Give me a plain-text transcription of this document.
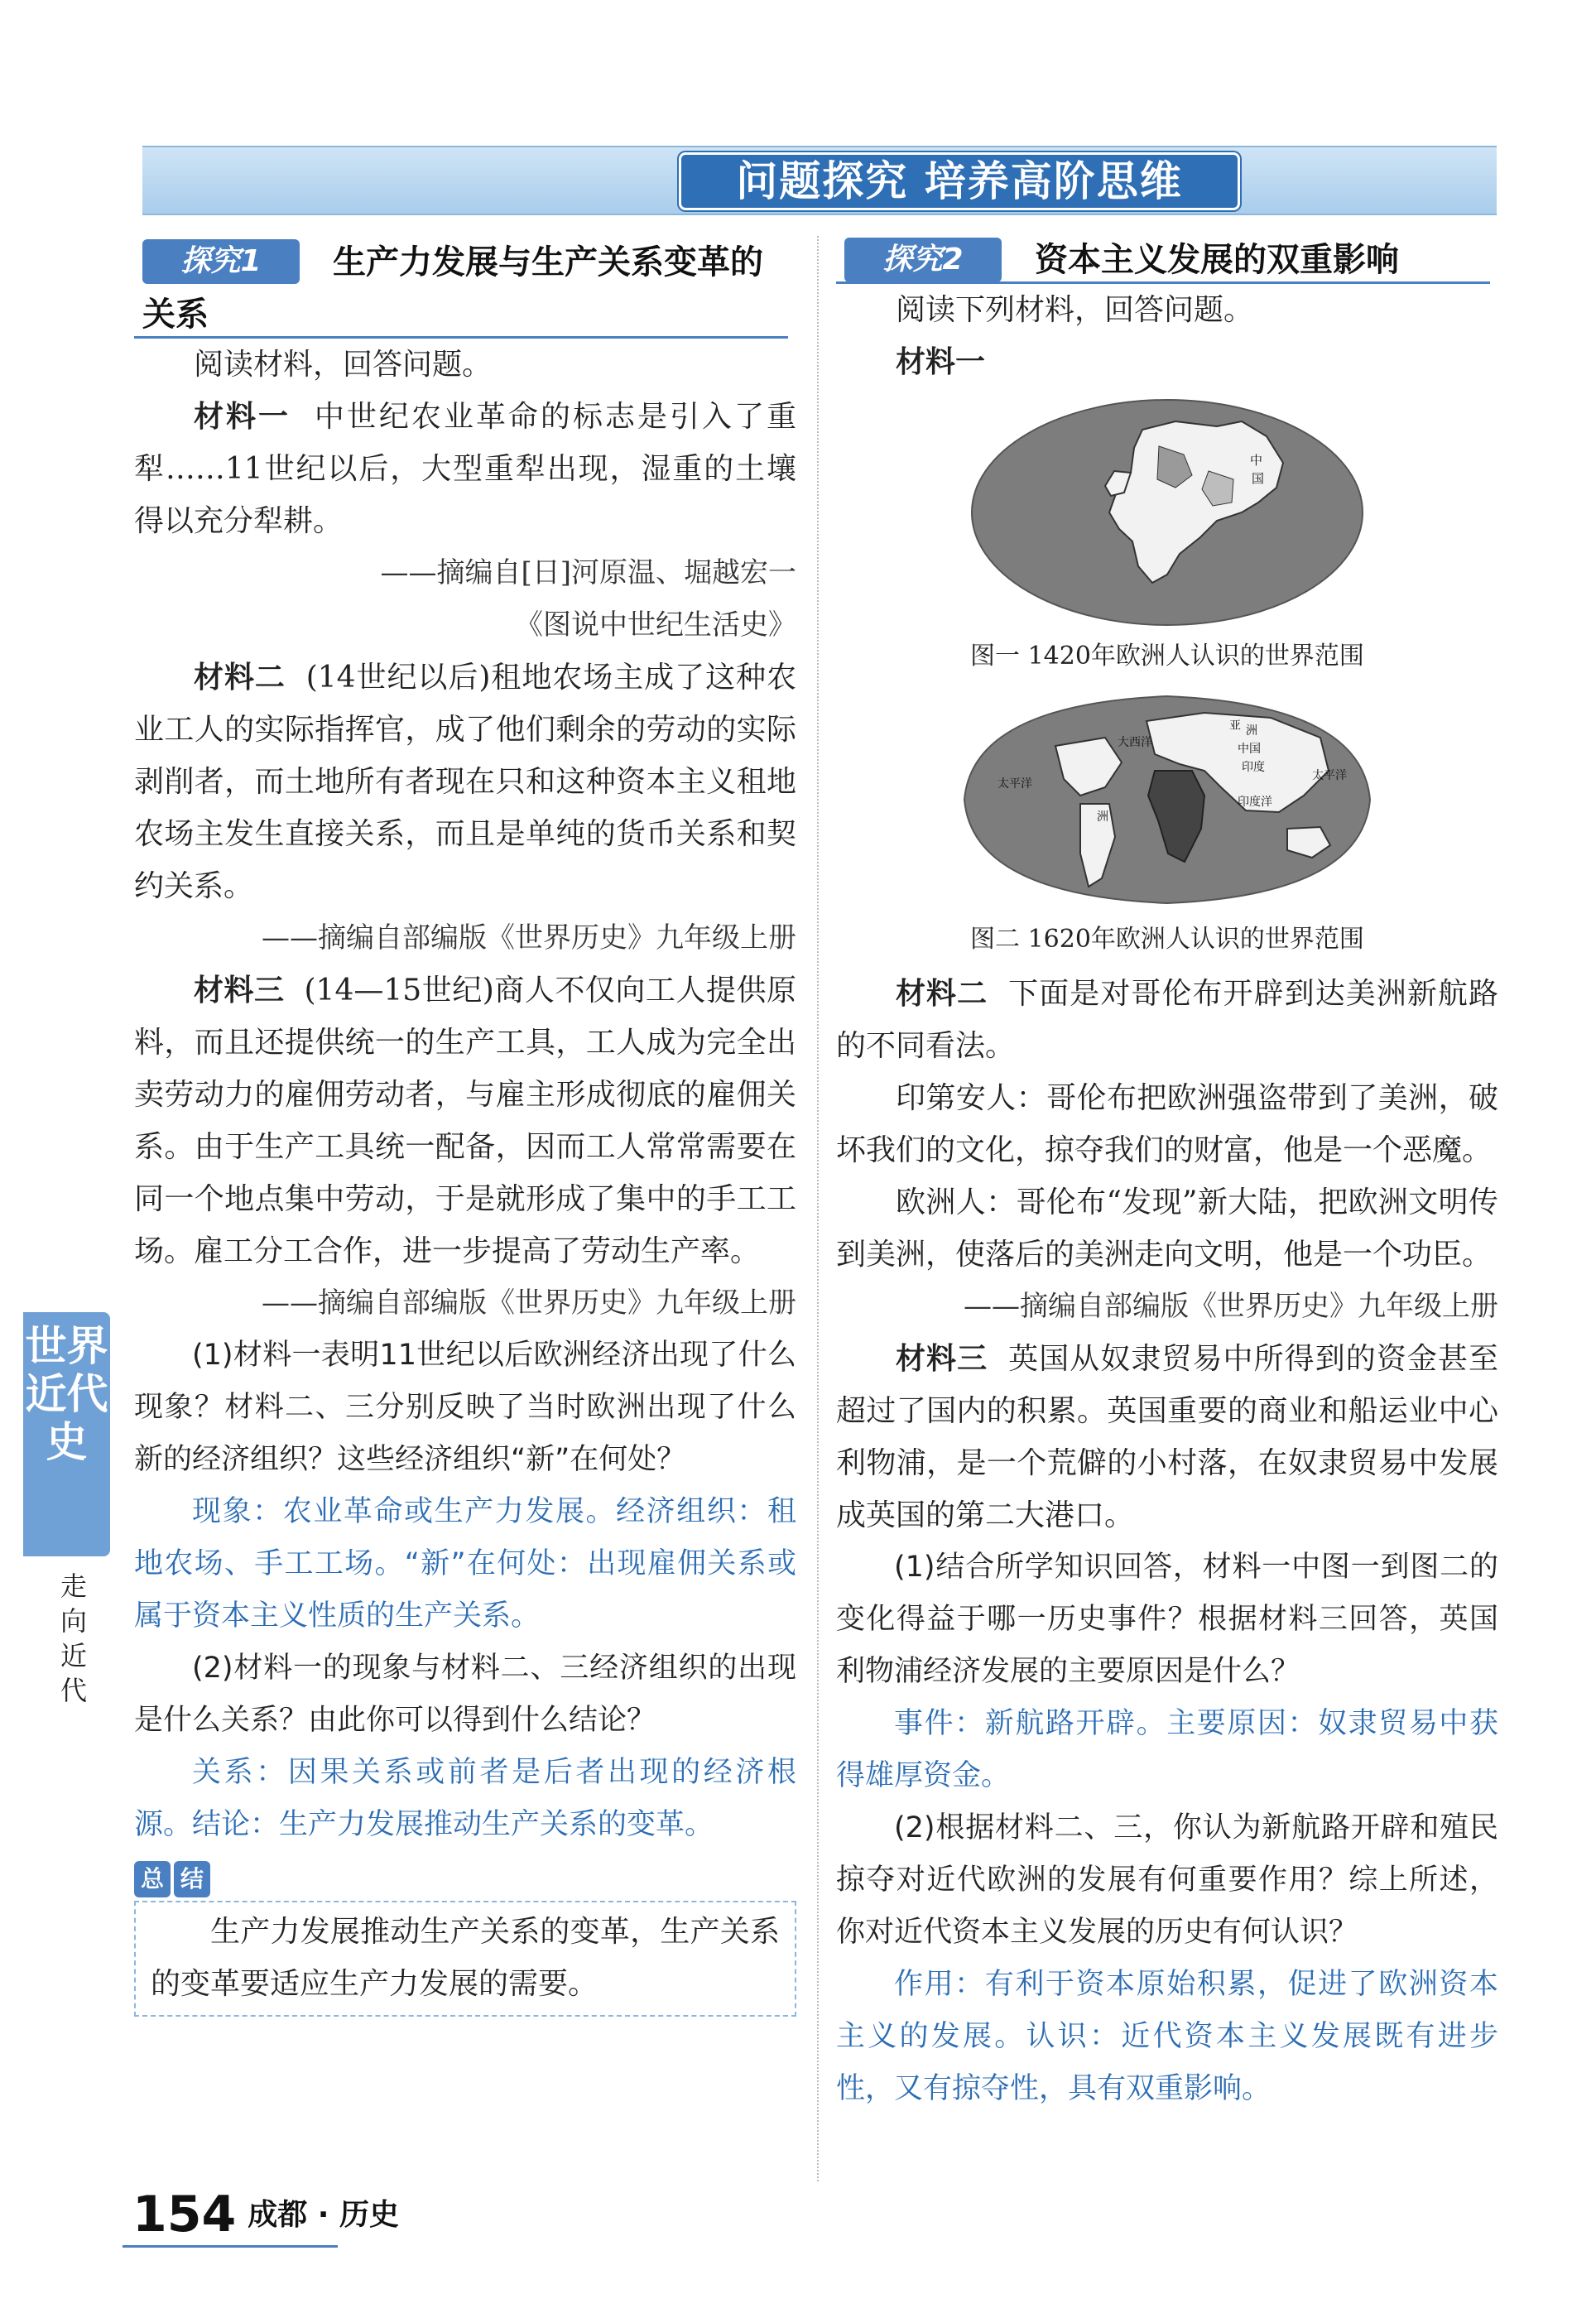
问题探究 培养高阶思维
探究1	生产力发展与生产关系变革的
关系

阅读材料，回答问题。

材料一 中世纪农业革命的标志是引入了重犁……11世纪以后，大型重犁出现，湿重的土壤得以充分犁耕。

——摘编自[日]河原温、堀越宏一

《图说中世纪生活史》

材料二 (14世纪以后)租地农场主成了这种农业工人的实际指挥官，成了他们剩余的劳动的实际剥削者，而土地所有者现在只和这种资本主义租地农场主发生直接关系，而且是单纯的货币关系和契约关系。

——摘编自部编版《世界历史》九年级上册

材料三 (14—15世纪)商人不仅向工人提供原料，而且还提供统一的生产工具，工人成为完全出卖劳动力的雇佣劳动者，与雇主形成彻底的雇佣关系。由于生产工具统一配备，因而工人常常需要在同一个地点集中劳动，于是就形成了集中的手工工场。雇工分工合作，进一步提高了劳动生产率。

——摘编自部编版《世界历史》九年级上册

(1)材料一表明11世纪以后欧洲经济出现了什么现象？材料二、三分别反映了当时欧洲出现了什么新的经济组织？这些经济组织“新”在何处？

现象：农业革命或生产力发展。经济组织：租地农场、手工工场。“新”在何处：出现雇佣关系或属于资本主义性质的生产关系。

(2)材料一的现象与材料二、三经济组织的出现是什么关系？由此你可以得到什么结论？

关系：因果关系或前者是后者出现的经济根源。结论：生产力发展推动生产关系的变革。

总 结

生产力发展推动生产关系的变革，生产关系的变革要适应生产力发展的需要。

探究2	资本主义发展的双重影响

阅读下列材料，回答问题。

材料一

中
国

图一 1420年欧洲人认识的世界范围

亚 洲
中国
印度
大西洋
太平洋
太平洋
印度洋
洲

图二 1620年欧洲人认识的世界范围

材料二 下面是对哥伦布开辟到达美洲新航路的不同看法。

印第安人：哥伦布把欧洲强盗带到了美洲，破坏我们的文化，掠夺我们的财富，他是一个恶魔。

欧洲人：哥伦布“发现”新大陆，把欧洲文明传到美洲，使落后的美洲走向文明，他是一个功臣。

——摘编自部编版《世界历史》九年级上册

材料三 英国从奴隶贸易中所得到的资金甚至超过了国内的积累。英国重要的商业和船运业中心利物浦，是一个荒僻的小村落，在奴隶贸易中发展成英国的第二大港口。

(1)结合所学知识回答，材料一中图一到图二的变化得益于哪一历史事件？根据材料三回答，英国利物浦经济发展的主要原因是什么？

事件：新航路开辟。主要原因：奴隶贸易中获得雄厚资金。

(2)根据材料二、三，你认为新航路开辟和殖民掠夺对近代欧洲的发展有何重要作用？综上所述，你对近代资本主义发展的历史有何认识？

作用：有利于资本原始积累，促进了欧洲资本主义的发展。认识：近代资本主义发展既有进步性，又有掠夺性，具有双重影响。

世界近代史
走向近代
154 成都 · 历史
